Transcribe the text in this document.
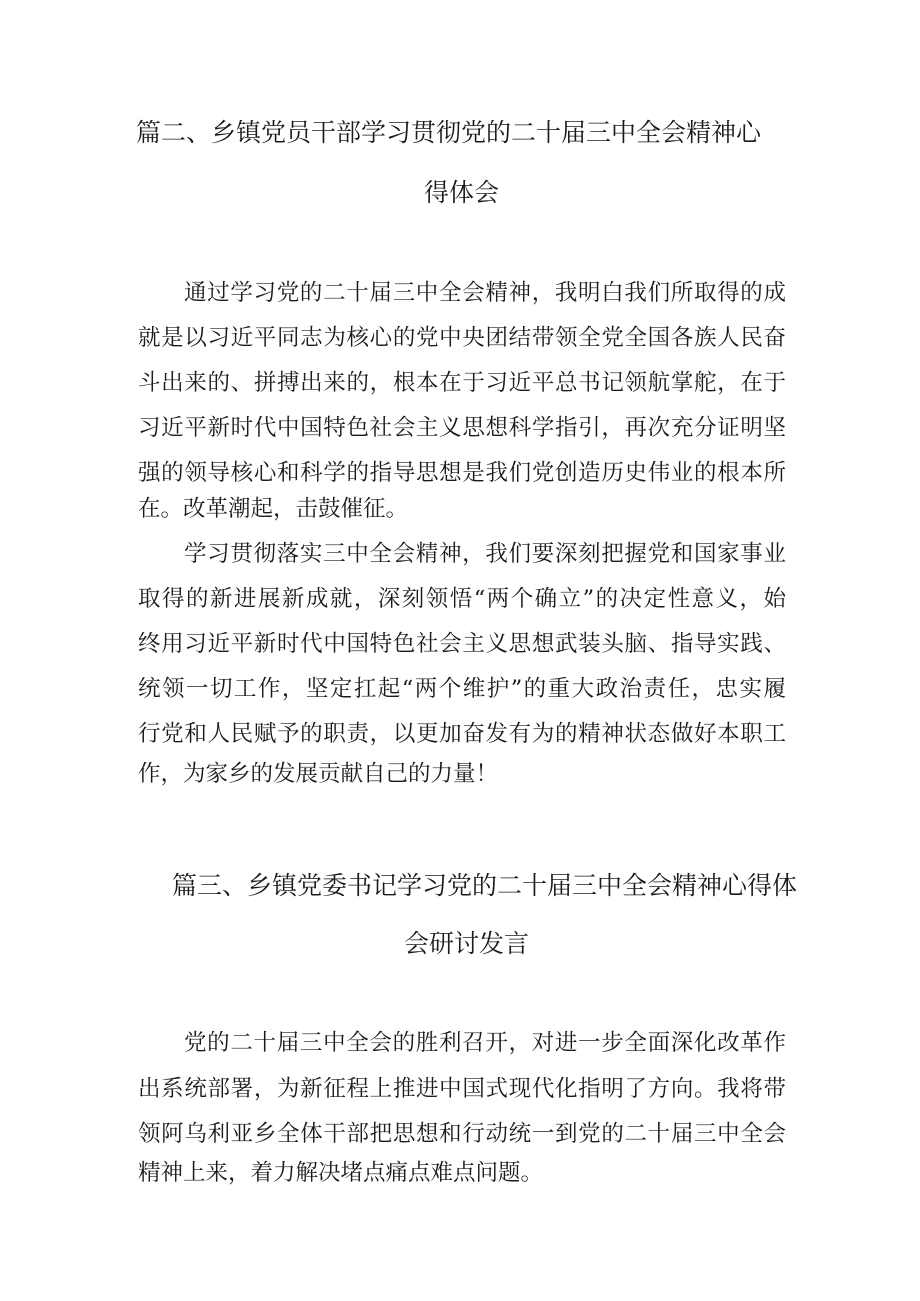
篇二、乡镇党员干部学习贯彻党的二十届三中全会精神心
得体会
通过学习党的二十届三中全会精神，我明白我们所取得的成
就是以习近平同志为核心的党中央团结带领全党全国各族人民奋
斗出来的、拼搏出来的，根本在于习近平总书记领航掌舵，在于
习近平新时代中国特色社会主义思想科学指引，再次充分证明坚
强的领导核心和科学的指导思想是我们党创造历史伟业的根本所
在。改革潮起，击鼓催征。
学习贯彻落实三中全会精神，我们要深刻把握党和国家事业
取得的新进展新成就，深刻领悟“两个确立”的决定性意义，始
终用习近平新时代中国特色社会主义思想武装头脑、指导实践、
统领一切工作，坚定扛起“两个维护”的重大政治责任，忠实履
行党和人民赋予的职责，以更加奋发有为的精神状态做好本职工
作，为家乡的发展贡献自己的力量！
篇三、乡镇党委书记学习党的二十届三中全会精神心得体
会研讨发言
党的二十届三中全会的胜利召开，对进一步全面深化改革作
出系统部署，为新征程上推进中国式现代化指明了方向。我将带
领阿乌利亚乡全体干部把思想和行动统一到党的二十届三中全会
精神上来，着力解决堵点痛点难点问题。
